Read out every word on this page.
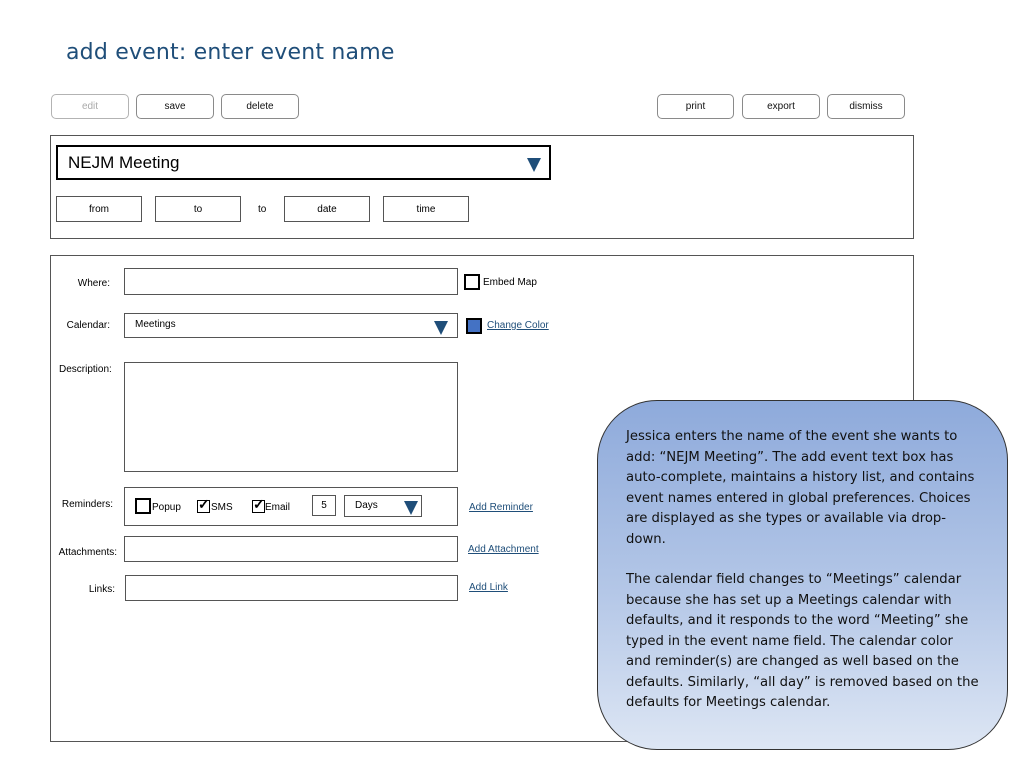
add event: enter event name
edit	save	delete	print	export	dismiss
NEJM Meeting
from	to	to	date	time
Where:	Embed Map
Calendar:	Meetings	Change Color
Description:
Reminders:	Popup ✓ SMS ✓ Email	5	Days	Add Reminder
Attachments:	Add Attachment
Links:	Add Link

Jessica enters the name of the event she wants to add: “NEJM Meeting”. The add event text box has auto-complete, maintains a history list, and contains event names entered in global preferences. Choices are displayed as she types or available via drop-down.

The calendar field changes to “Meetings” calendar because she has set up a Meetings calendar with defaults, and it responds to the word “Meeting” she typed in the event name field. The calendar color and reminder(s) are changed as well based on the defaults. Similarly, “all day” is removed based on the defaults for Meetings calendar.
